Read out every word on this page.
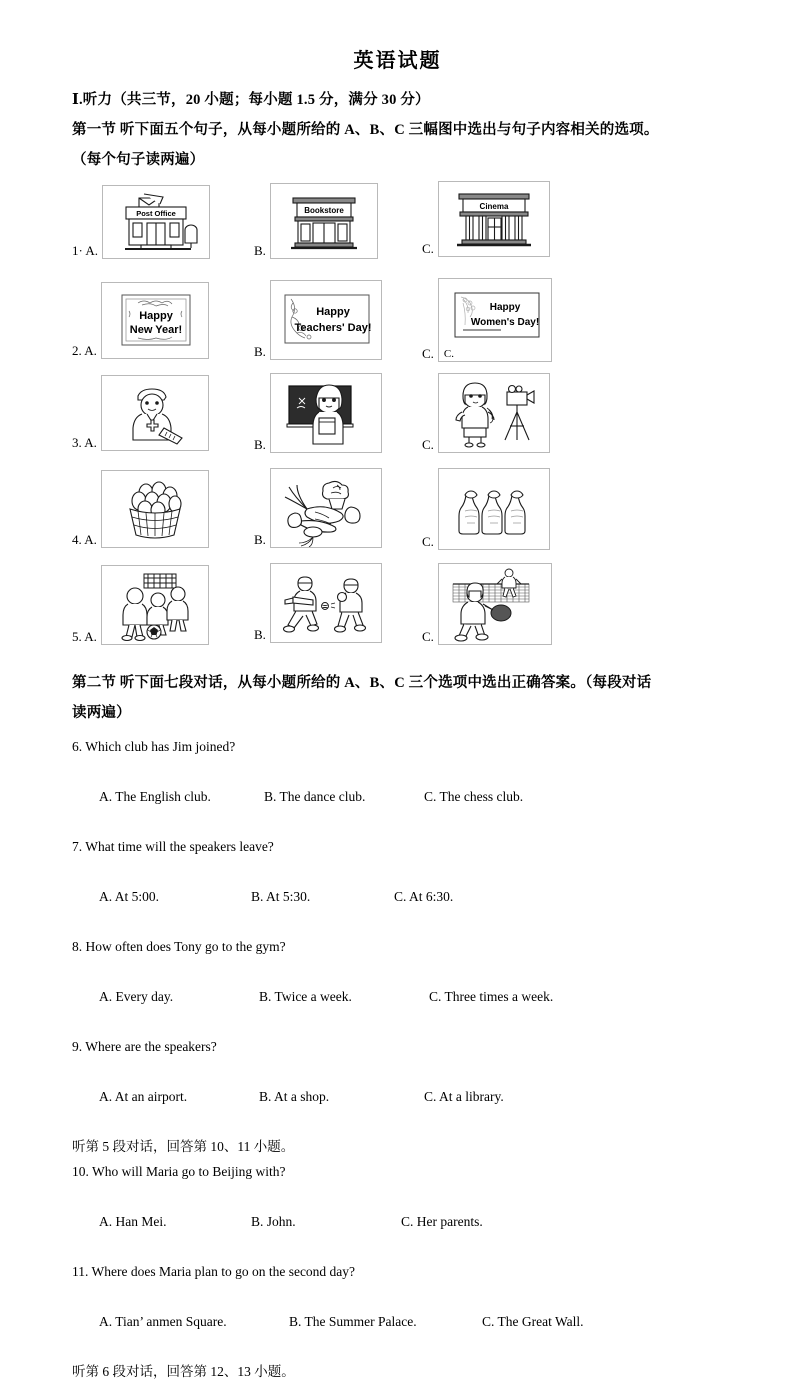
英语试题
Ⅰ.听力（共三节，20 小题；每小题 1.5 分，满分 30 分）
第一节 听下面五个句子，从每小题所给的 A、B、C 三幅图中选出与句子内容相关的选项。
（每个句子读两遍）
1· A.
Post Office
B.
Bookstore
C.
Cinema
2. A.
Happy
New Year!
B.
Happy
Teachers' Day!
C.
Happy
Women's Day!
C.
3. A.	B.	C.
4. A.	B.	C.
5. A.	B.	C.
第二节 听下面七段对话，从每小题所给的 A、B、C 三个选项中选出正确答案。（每段对话
读两遍）
6. Which club has Jim joined?

A. The English club.	B. The dance club.	C. The chess club.

7. What time will the speakers leave?

A. At 5:00.	B. At 5:30.	C. At 6:30.

8. How often does Tony go to the gym?

A. Every day.	B. Twice a week.	C. Three times a week.

9. Where are the speakers?

A. At an airport.	B. At a shop.	C. At a library.

听第 5 段对话，回答第 10、11 小题。
10. Who will Maria go to Beijing with?

A. Han Mei.	B. John.	C. Her parents.

11. Where does Maria plan to go on the second day?

A. Tian’ anmen Square.	B. The Summer Palace.	C. The Great Wall.

听第 6 段对话，回答第 12、13 小题。
